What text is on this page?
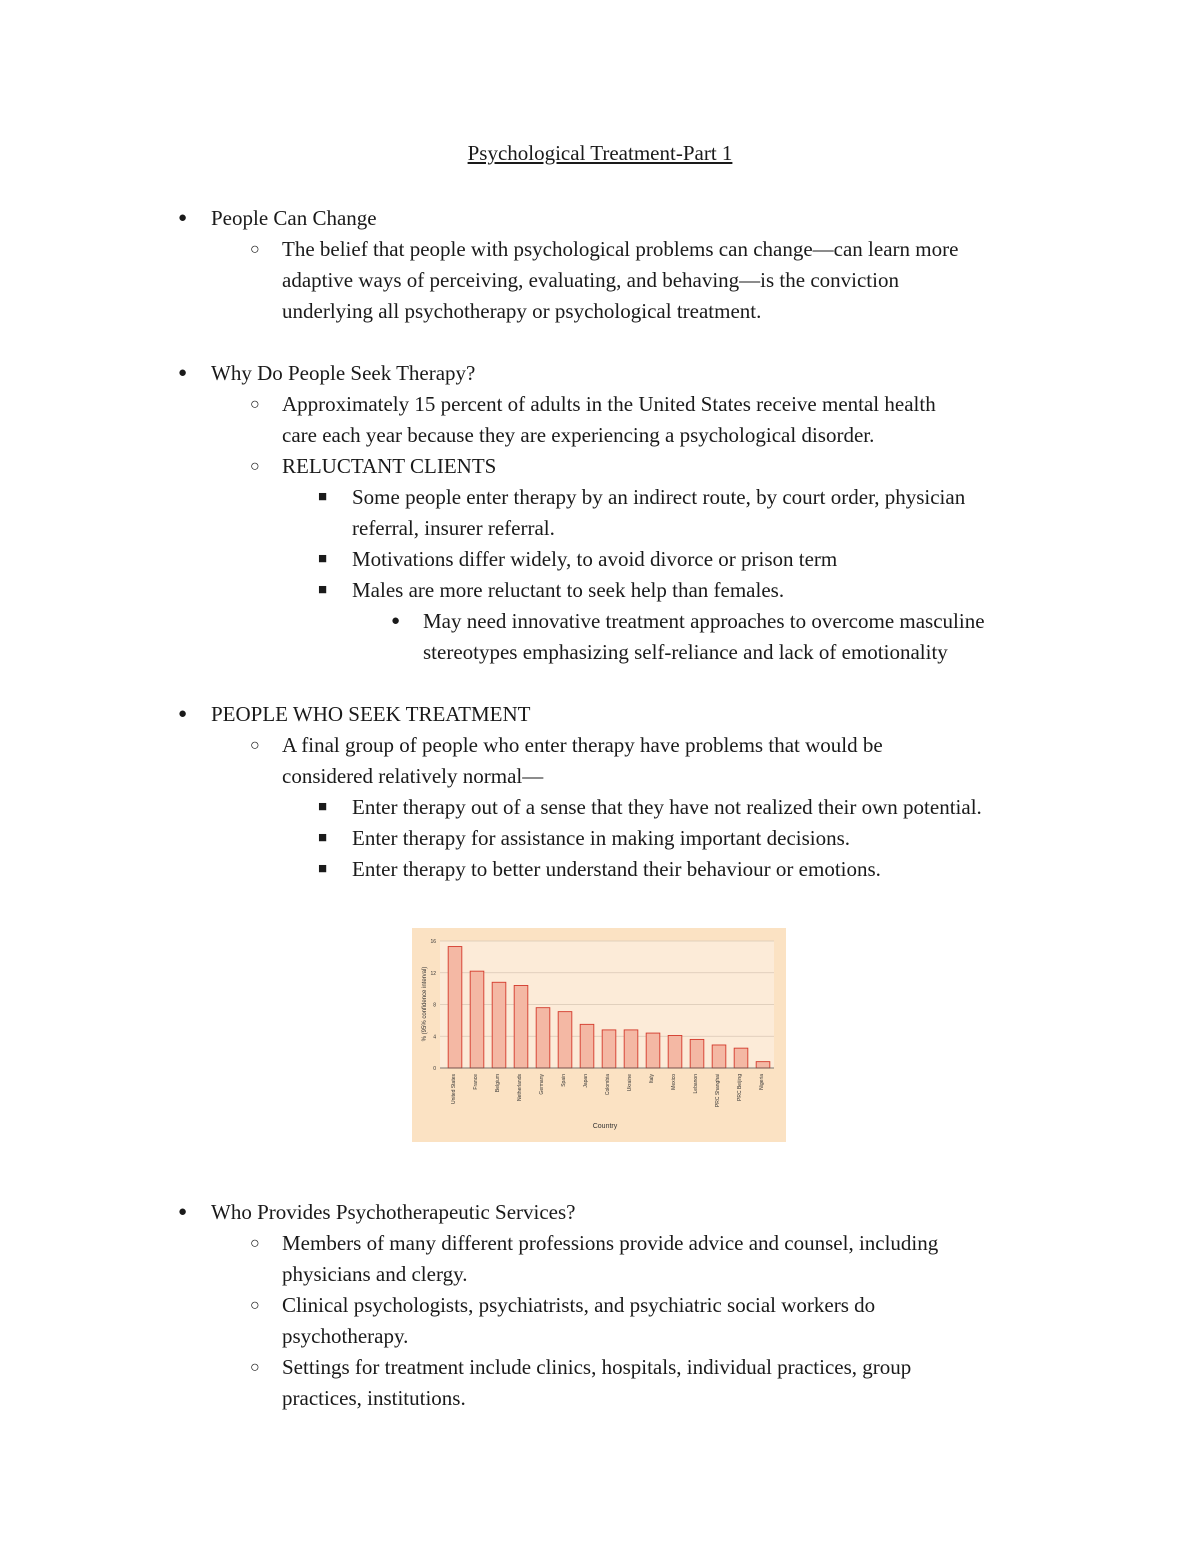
Psychological Treatment-Part 1
● People Can Change
○ The belief that people with psychological problems can change—can learn more
adaptive ways of perceiving, evaluating, and behaving—is the conviction
underlying all psychotherapy or psychological treatment.
● Why Do People Seek Therapy?
○ Approximately 15 percent of adults in the United States receive mental health
care each year because they are experiencing a psychological disorder.
○ RELUCTANT CLIENTS
■ Some people enter therapy by an indirect route, by court order, physician
referral, insurer referral.
■ Motivations differ widely, to avoid divorce or prison term
■ Males are more reluctant to seek help than females.
● May need innovative treatment approaches to overcome masculine
stereotypes emphasizing self-reliance and lack of emotionality
● PEOPLE WHO SEEK TREATMENT
○ A final group of people who enter therapy have problems that would be
considered relatively normal—
■ Enter therapy out of a sense that they have not realized their own potential.
■ Enter therapy for assistance in making important decisions.
■ Enter therapy to better understand their behaviour or emotions.
0
4
8
12
16
United States	France	Belgium	Netherlands	Germany	Spain	Japan	Colombia	Ukraine	Italy	Mexico	Lebanon	PRC Shanghai	PRC Beijing	Nigeria
% (95% confidence interval)
Country
● Who Provides Psychotherapeutic Services?
○ Members of many different professions provide advice and counsel, including
physicians and clergy.
○ Clinical psychologists, psychiatrists, and psychiatric social workers do
psychotherapy.
○ Settings for treatment include clinics, hospitals, individual practices, group
practices, institutions.
